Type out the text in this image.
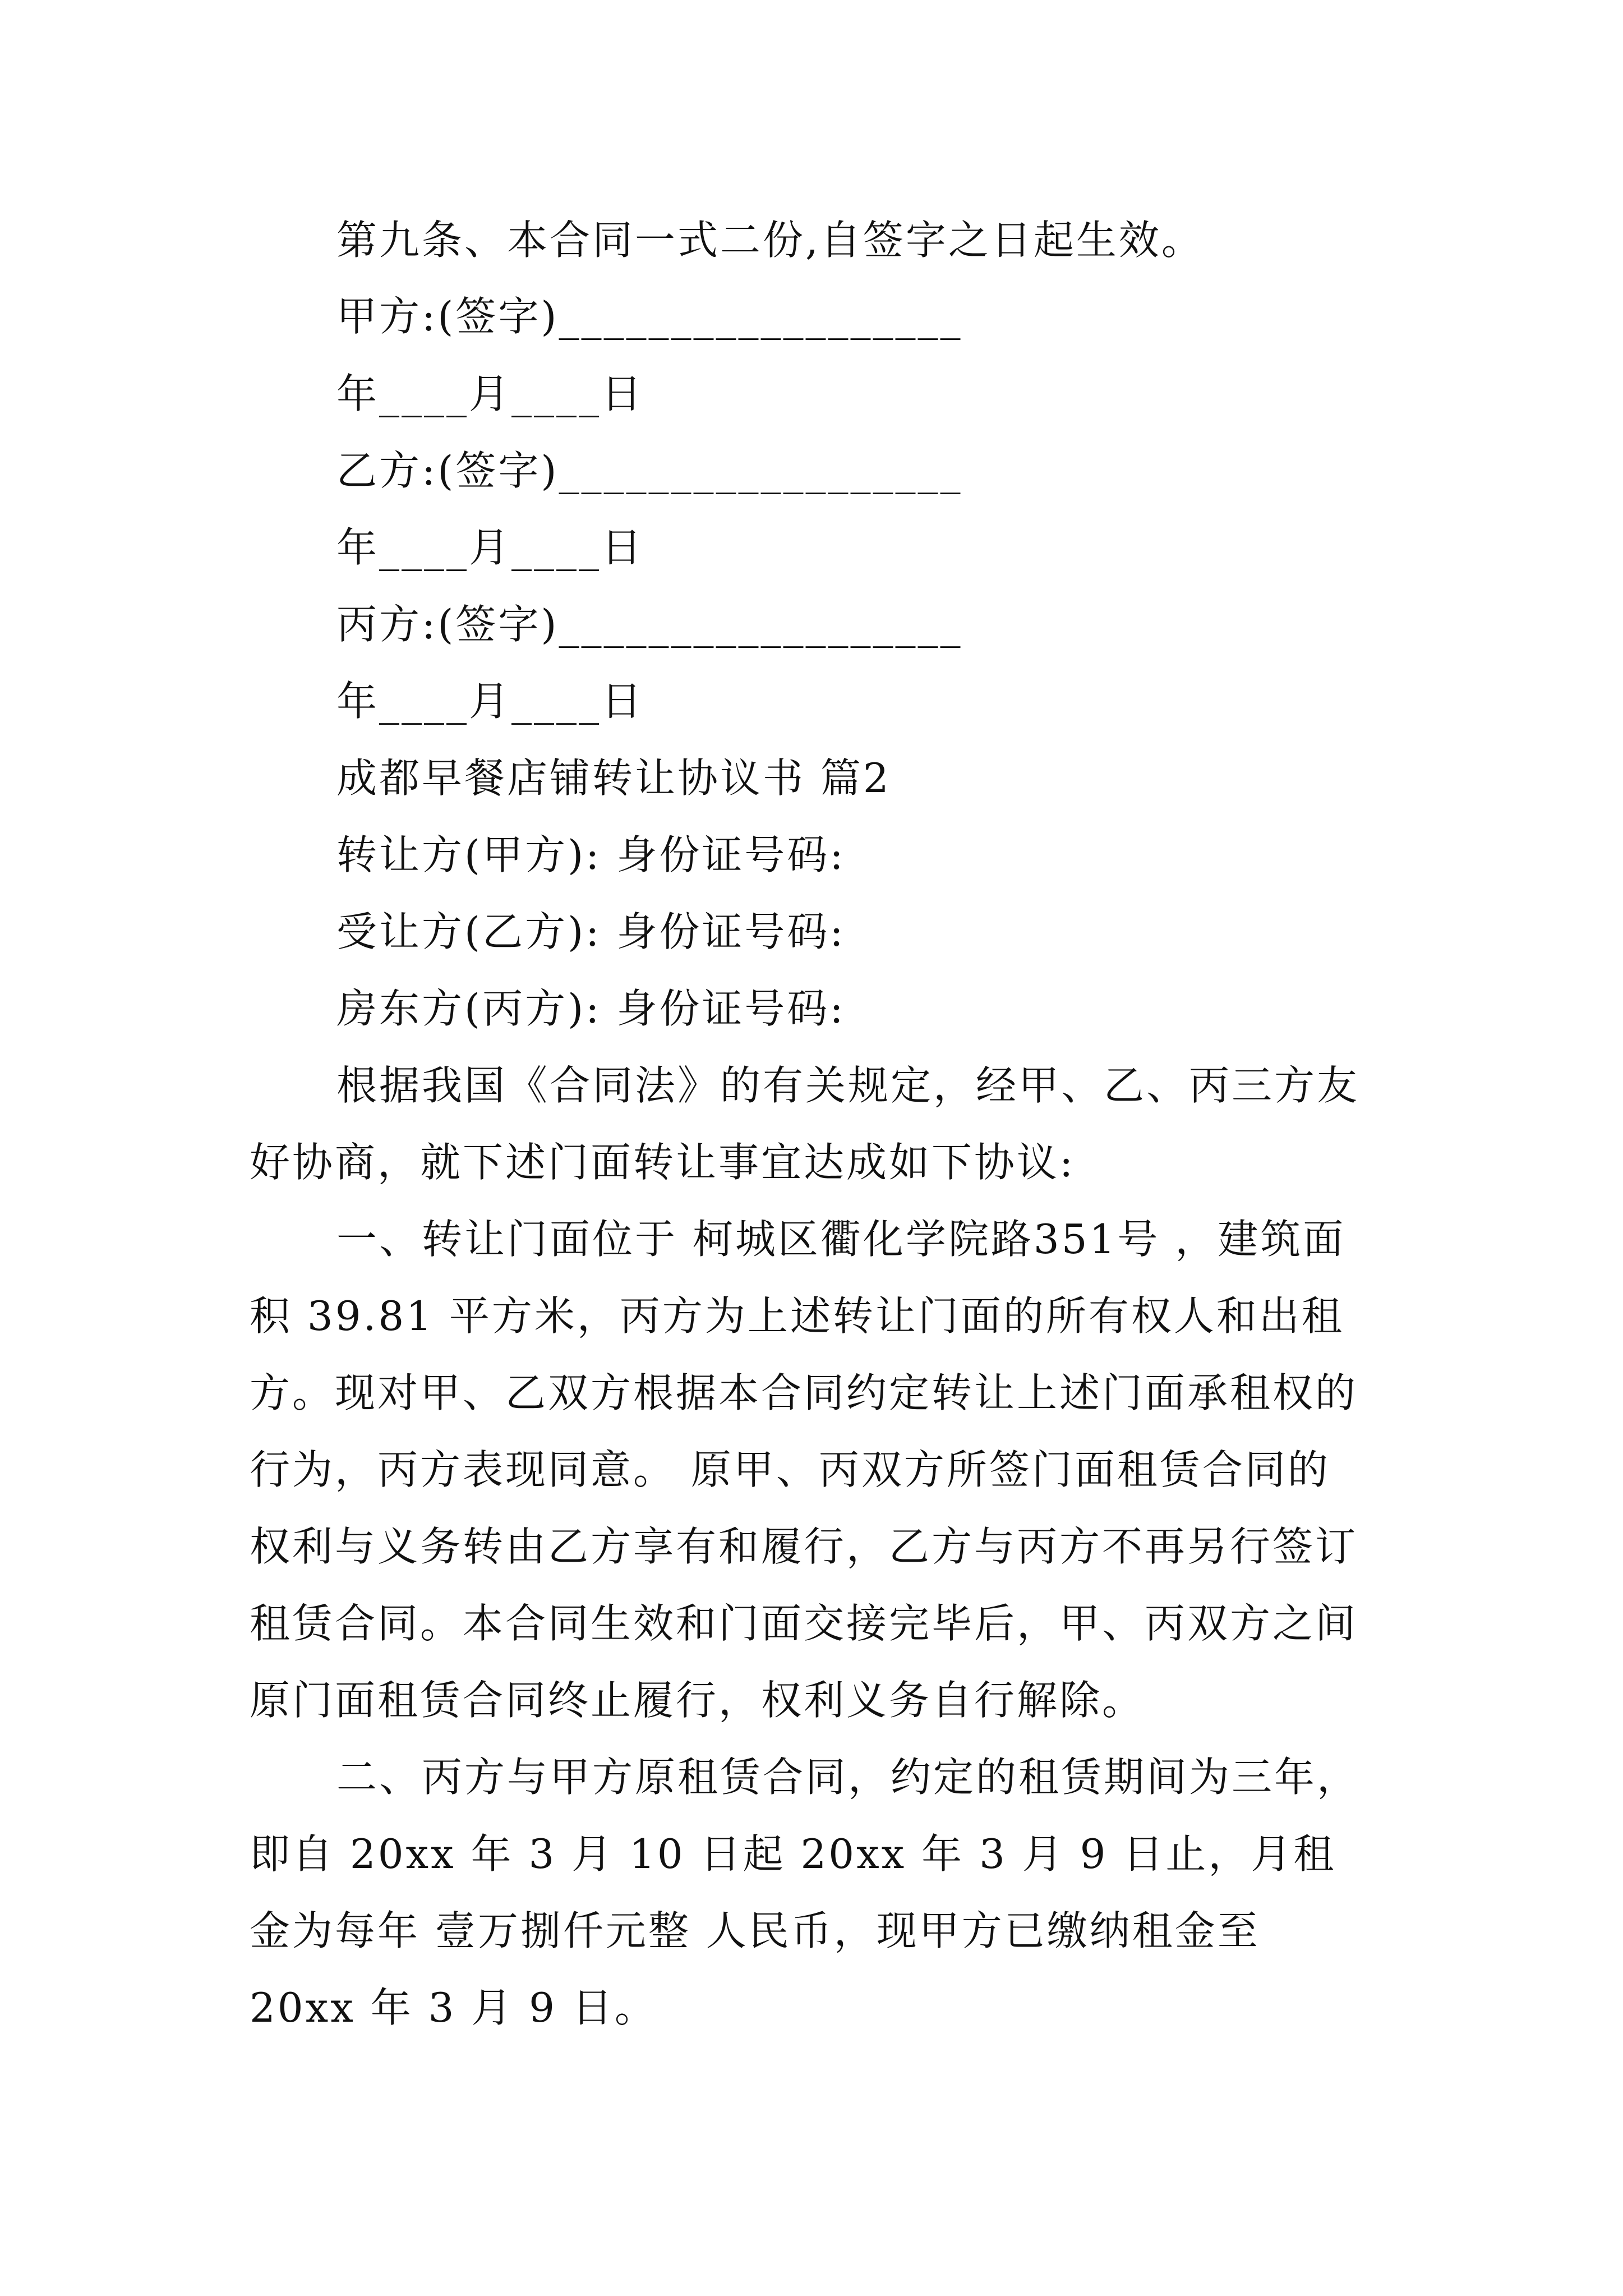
第九条、本合同一式二份,自签字之日起生效。
甲方:(签字)__________________
年____月____日
乙方:(签字)__________________
年____月____日
丙方:(签字)__________________
年____月____日
成都早餐店铺转让协议书 篇2
转让方(甲方): 身份证号码:
受让方(乙方): 身份证号码:
房东方(丙方): 身份证号码:
根据我国《合同法》的有关规定，经甲、乙、丙三方友
好协商，就下述门面转让事宜达成如下协议:
一、转让门面位于 柯城区衢化学院路351号 ，建筑面
积 39.81 平方米，丙方为上述转让门面的所有权人和出租
方。现对甲、乙双方根据本合同约定转让上述门面承租权的
行为，丙方表现同意。 原甲、丙双方所签门面租赁合同的
权利与义务转由乙方享有和履行，乙方与丙方不再另行签订
租赁合同。本合同生效和门面交接完毕后，甲、丙双方之间
原门面租赁合同终止履行，权利义务自行解除。
二、丙方与甲方原租赁合同，约定的租赁期间为三年，
即自 20xx 年 3 月 10 日起 20xx 年 3 月 9 日止，月租
金为每年 壹万捌仟元整 人民币，现甲方已缴纳租金至
20xx 年 3 月 9 日。
